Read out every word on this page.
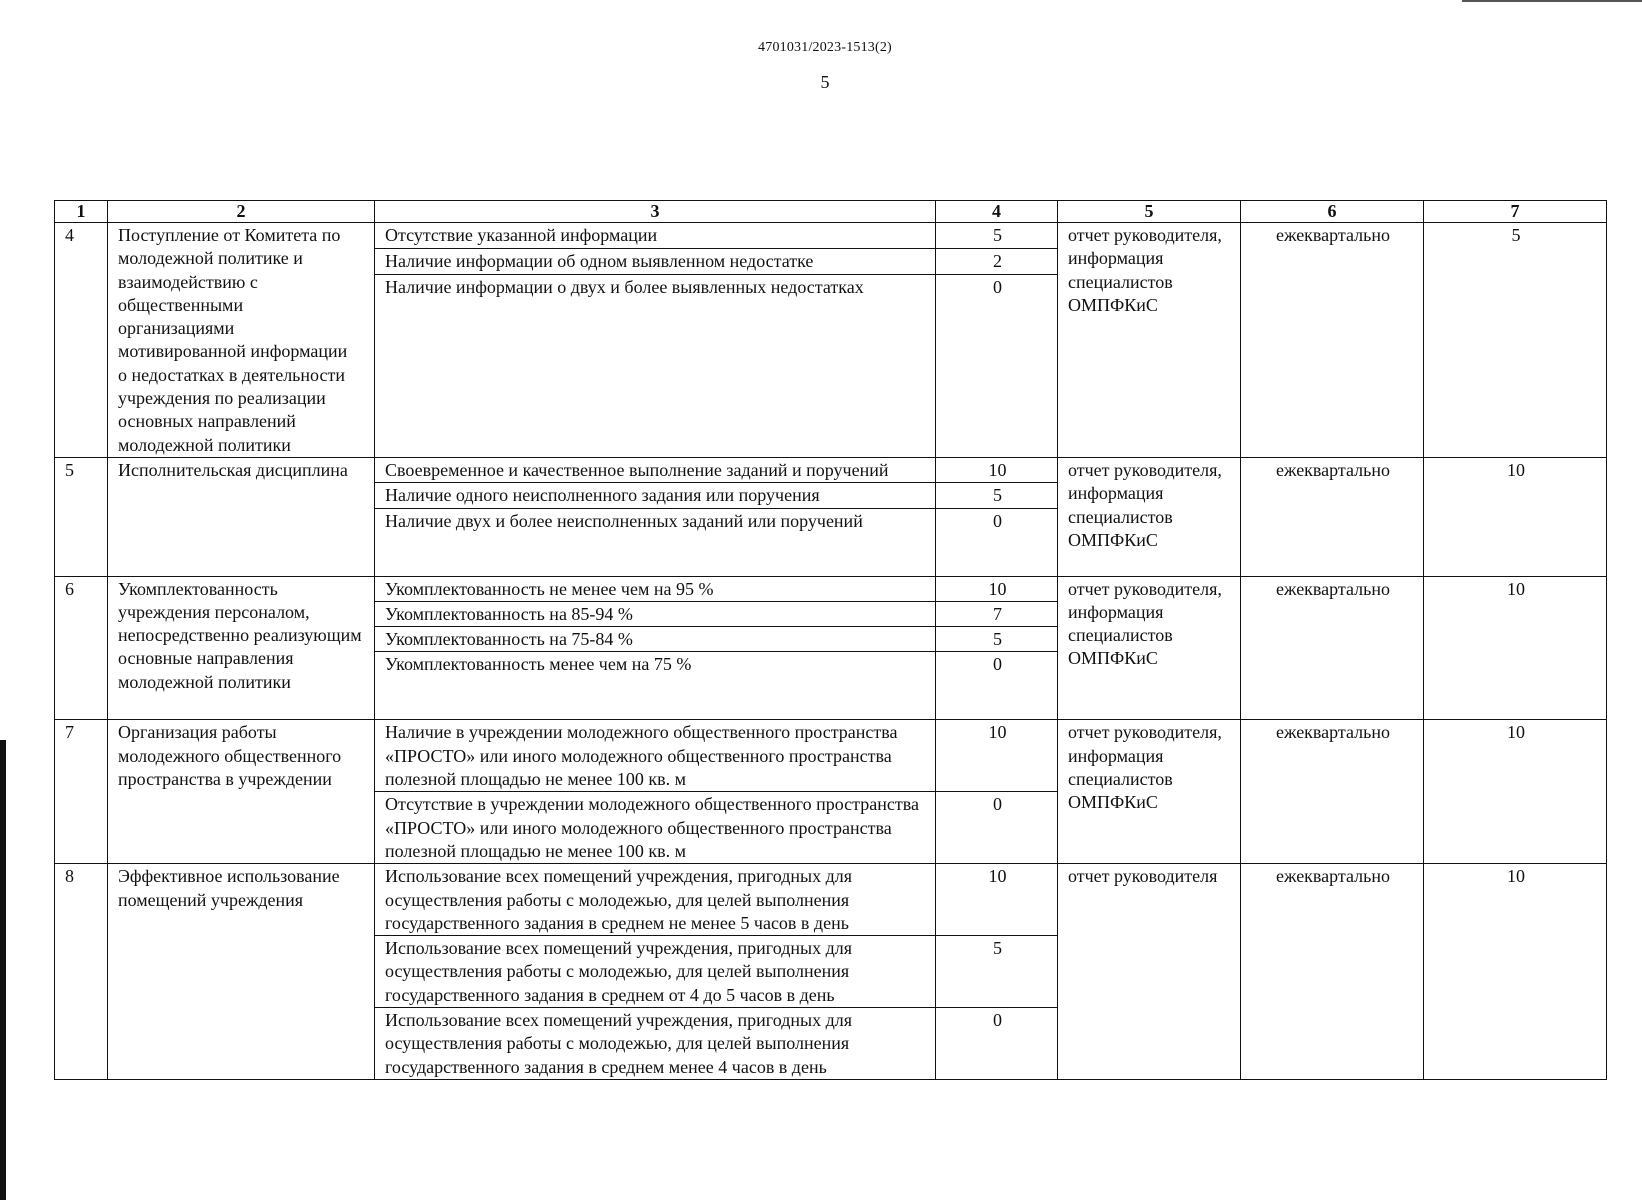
4701031/2023-1513(2)
5
1	2	3	4	5	6	7
4	Поступление от Комитета по молодежной политике и взаимодействию с общественными организациями мотивированной информации о недостатках в деятельности учреждения по реализации основных направлений молодежной политики	Отсутствие указанной информации	5	отчет руководителя, информация специалистов ОМПФКиС	ежеквартально	5
		Наличие информации об одном выявленном недостатке	2			
		Наличие информации о двух и более выявленных недостатках	0			
5	Исполнительская дисциплина	Своевременное и качественное выполнение заданий и поручений	10	отчет руководителя, информация специалистов ОМПФКиС	ежеквартально	10
		Наличие одного неисполненного задания или поручения	5			
		Наличие двух и более неисполненных заданий или поручений	0			
6	Укомплектованность учреждения персоналом, непосредственно реализующим основные направления молодежной политики	Укомплектованность не менее чем на 95 %	10	отчет руководителя, информация специалистов ОМПФКиС	ежеквартально	10
		Укомплектованность на 85-94 %	7			
		Укомплектованность на 75-84 %	5			
		Укомплектованность менее чем на 75 %	0			
7	Организация работы молодежного общественного пространства в учреждении	Наличие в учреждении молодежного общественного пространства «ПРОСТО» или иного молодежного общественного пространства полезной площадью не менее 100 кв. м	10	отчет руководителя, информация специалистов ОМПФКиС	ежеквартально	10
		Отсутствие в учреждении молодежного общественного пространства «ПРОСТО» или иного молодежного общественного пространства полезной площадью не менее 100 кв. м	0			
8	Эффективное использование помещений учреждения	Использование всех помещений учреждения, пригодных для осуществления работы с молодежью, для целей выполнения государственного задания в среднем не менее 5 часов в день	10	отчет руководителя	ежеквартально	10
		Использование всех помещений учреждения, пригодных для осуществления работы с молодежью, для целей выполнения государственного задания в среднем от 4 до 5 часов в день	5			
		Использование всех помещений учреждения, пригодных для осуществления работы с молодежью, для целей выполнения государственного задания в среднем менее 4 часов в день	0			
